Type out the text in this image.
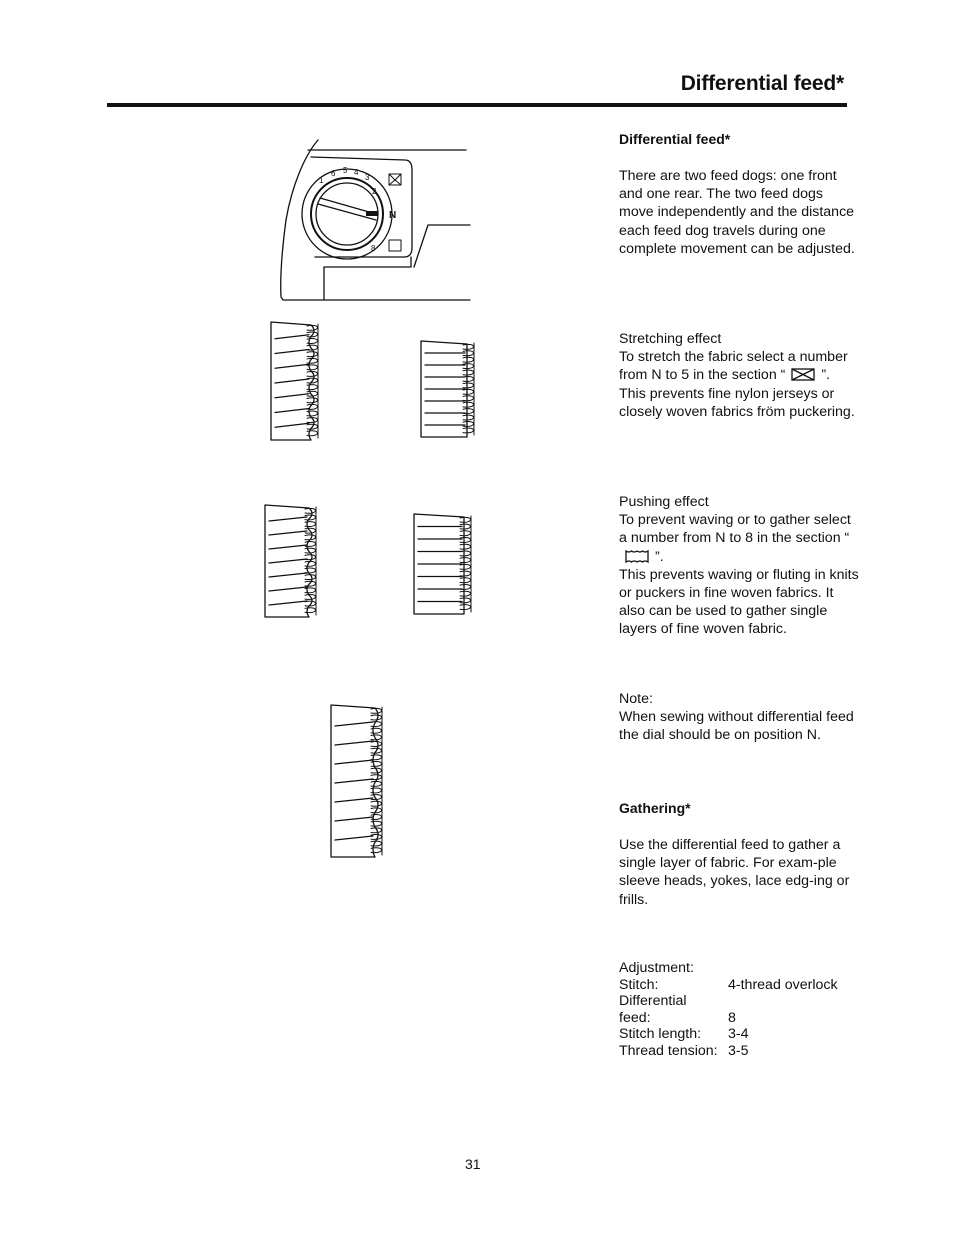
Differential feed*
1
6 5 4
3
2
N
8
Differential feed*

There are two feed dogs: one front and one rear. The two feed dogs move independently and the distance each feed dog travels during one complete movement can be adjusted.

Stretching effect

To stretch the fabric select a number from N to 5 in the section “	”.

This prevents fine nylon jerseys or closely woven fabrics fröm puckering.

Pushing effect

To prevent waving or to gather select a number from N to 8 in the section “”.

This prevents waving or fluting in knits or puckers in fine woven fabrics. It also can be used to gather single layers of fine woven fabric.

Note:

When sewing without differential feed the dial should be on position N.

Gathering*

Use the differential feed to gather a single layer of fabric. For exam-ple sleeve heads, yokes, lace edg-ing or frills.

Adjustment:

Stitch:	4-thread overlock
Differential	
feed:	8
Stitch length:	3-4
Thread tension:	3-5
31
